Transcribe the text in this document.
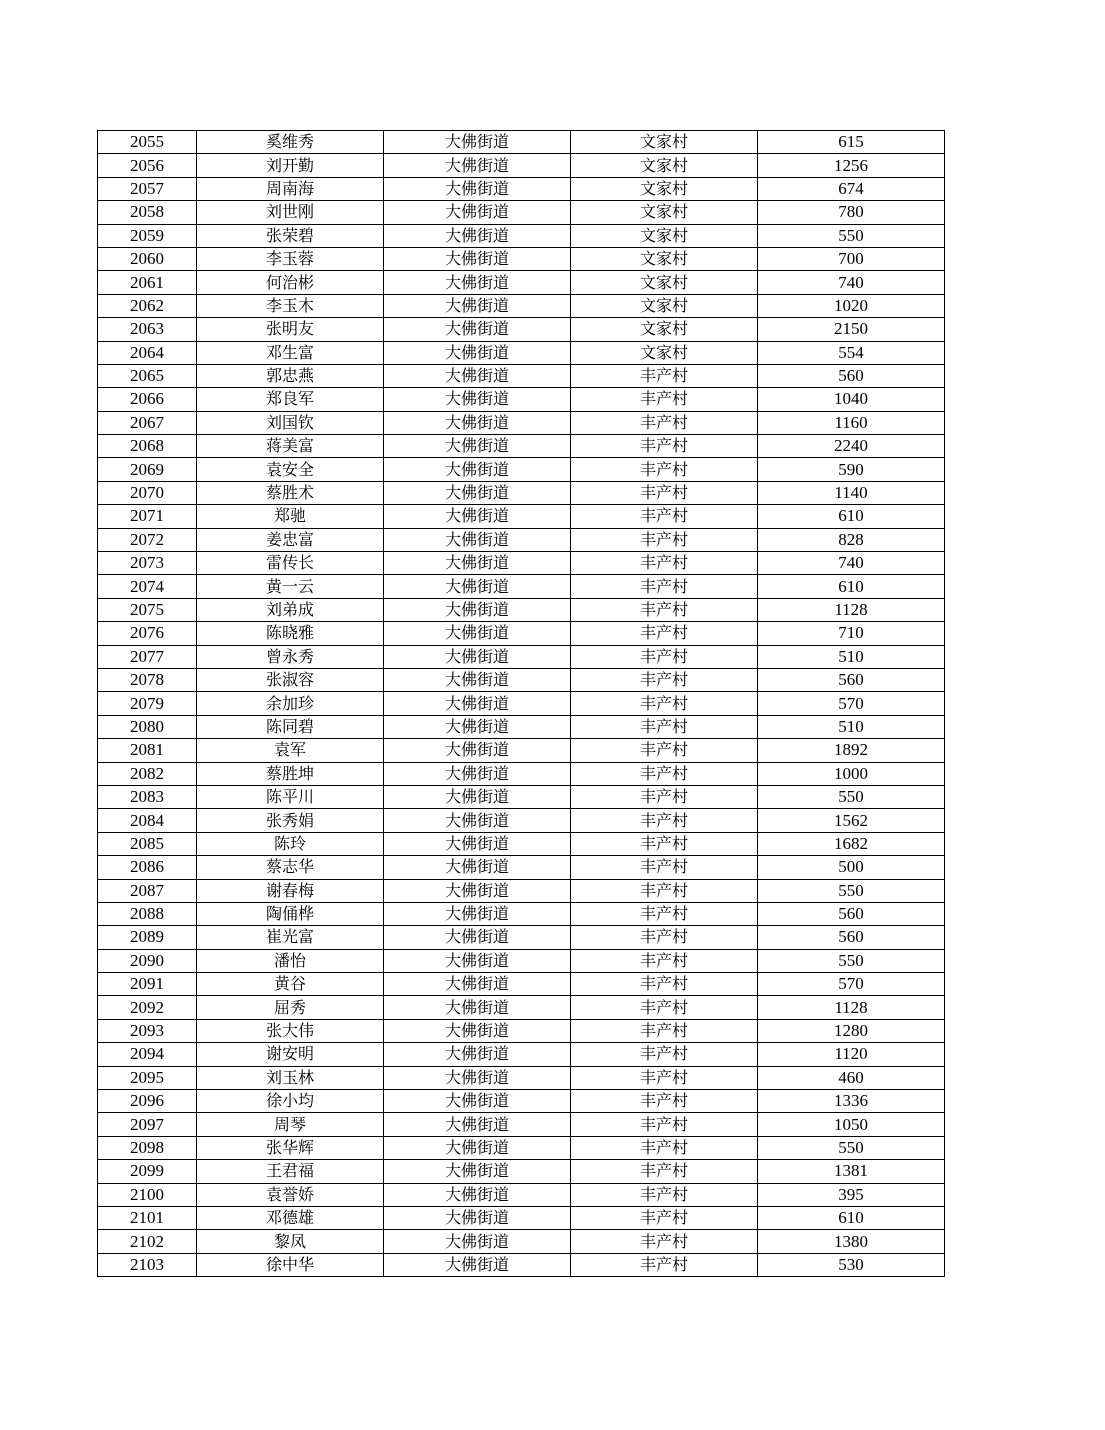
2055	奚维秀	大佛街道	文家村	615
2056	刘开勤	大佛街道	文家村	1256
2057	周南海	大佛街道	文家村	674
2058	刘世刚	大佛街道	文家村	780
2059	张荣碧	大佛街道	文家村	550
2060	李玉蓉	大佛街道	文家村	700
2061	何治彬	大佛街道	文家村	740
2062	李玉木	大佛街道	文家村	1020
2063	张明友	大佛街道	文家村	2150
2064	邓生富	大佛街道	文家村	554
2065	郭忠燕	大佛街道	丰产村	560
2066	郑良军	大佛街道	丰产村	1040
2067	刘国钦	大佛街道	丰产村	1160
2068	蒋美富	大佛街道	丰产村	2240
2069	袁安全	大佛街道	丰产村	590
2070	蔡胜术	大佛街道	丰产村	1140
2071	郑驰	大佛街道	丰产村	610
2072	姜忠富	大佛街道	丰产村	828
2073	雷传长	大佛街道	丰产村	740
2074	黄一云	大佛街道	丰产村	610
2075	刘弟成	大佛街道	丰产村	1128
2076	陈晓雅	大佛街道	丰产村	710
2077	曾永秀	大佛街道	丰产村	510
2078	张淑容	大佛街道	丰产村	560
2079	余加珍	大佛街道	丰产村	570
2080	陈同碧	大佛街道	丰产村	510
2081	袁军	大佛街道	丰产村	1892
2082	蔡胜坤	大佛街道	丰产村	1000
2083	陈平川	大佛街道	丰产村	550
2084	张秀娟	大佛街道	丰产村	1562
2085	陈玲	大佛街道	丰产村	1682
2086	蔡志华	大佛街道	丰产村	500
2087	谢春梅	大佛街道	丰产村	550
2088	陶俑桦	大佛街道	丰产村	560
2089	崔光富	大佛街道	丰产村	560
2090	潘怡	大佛街道	丰产村	550
2091	黄谷	大佛街道	丰产村	570
2092	屈秀	大佛街道	丰产村	1128
2093	张大伟	大佛街道	丰产村	1280
2094	谢安明	大佛街道	丰产村	1120
2095	刘玉林	大佛街道	丰产村	460
2096	徐小均	大佛街道	丰产村	1336
2097	周琴	大佛街道	丰产村	1050
2098	张华辉	大佛街道	丰产村	550
2099	王君福	大佛街道	丰产村	1381
2100	袁誉娇	大佛街道	丰产村	395
2101	邓德雄	大佛街道	丰产村	610
2102	黎凤	大佛街道	丰产村	1380
2103	徐中华	大佛街道	丰产村	530
